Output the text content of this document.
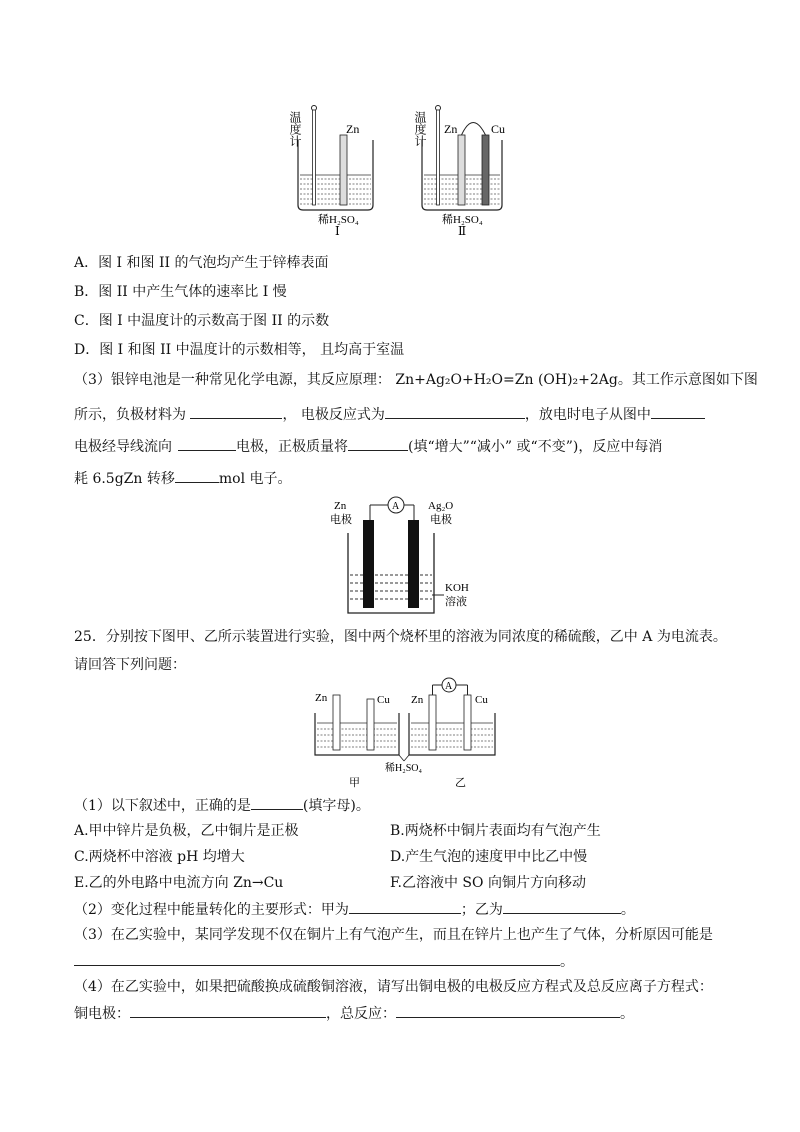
温度计	Zn
稀H₂SO₄
Ⅰ
温度计 Zn	Cu
稀H₂SO₄
Ⅱ
A．图 I 和图 II 的气泡均产生于锌棒表面
B．图 II 中产生气体的速率比 I 慢
C．图 I 中温度计的示数高于图 II 的示数
D．图 I 和图 II 中温度计的示数相等， 且均高于室温
（3）银锌电池是一种常见化学电源，其反应原理： Zn+Ag₂O+H₂O=Zn (OH)₂+2Ag。其工作示意图如下图
所示，负极材料为	， 电极反应式为	，放电时电子从图中
电极经导线流向	电极，正极质量将	(填“增大”“减小” 或“不变”)，反应中每消
耗 6.5gZn 转移	mol 电子。
Zn
电极
Ag₂O
电极
A
KOH
溶液
25．分别按下图甲、乙所示装置进行实验，图中两个烧杯里的溶液为同浓度的稀硫酸，乙中 A 为电流表。
请回答下列问题：
Zn	Cu Zn	Cu
A
稀H₂SO₄
甲	乙
（1）以下叙述中，正确的是	(填字母)。
A.甲中锌片是负极，乙中铜片是正极	B.两烧杯中铜片表面均有气泡产生
C.两烧杯中溶液 pH 均增大	D.产生气泡的速度甲中比乙中慢
E.乙的外电路中电流方向 Zn→Cu	F.乙溶液中 SO 向铜片方向移动
（2）变化过程中能量转化的主要形式：甲为	；乙为	。
（3）在乙实验中，某同学发现不仅在铜片上有气泡产生，而且在锌片上也产生了气体，分析原因可能是
。
（4）在乙实验中，如果把硫酸换成硫酸铜溶液，请写出铜电极的电极反应方程式及总反应离子方程式：
铜电极：	，总反应：	。
